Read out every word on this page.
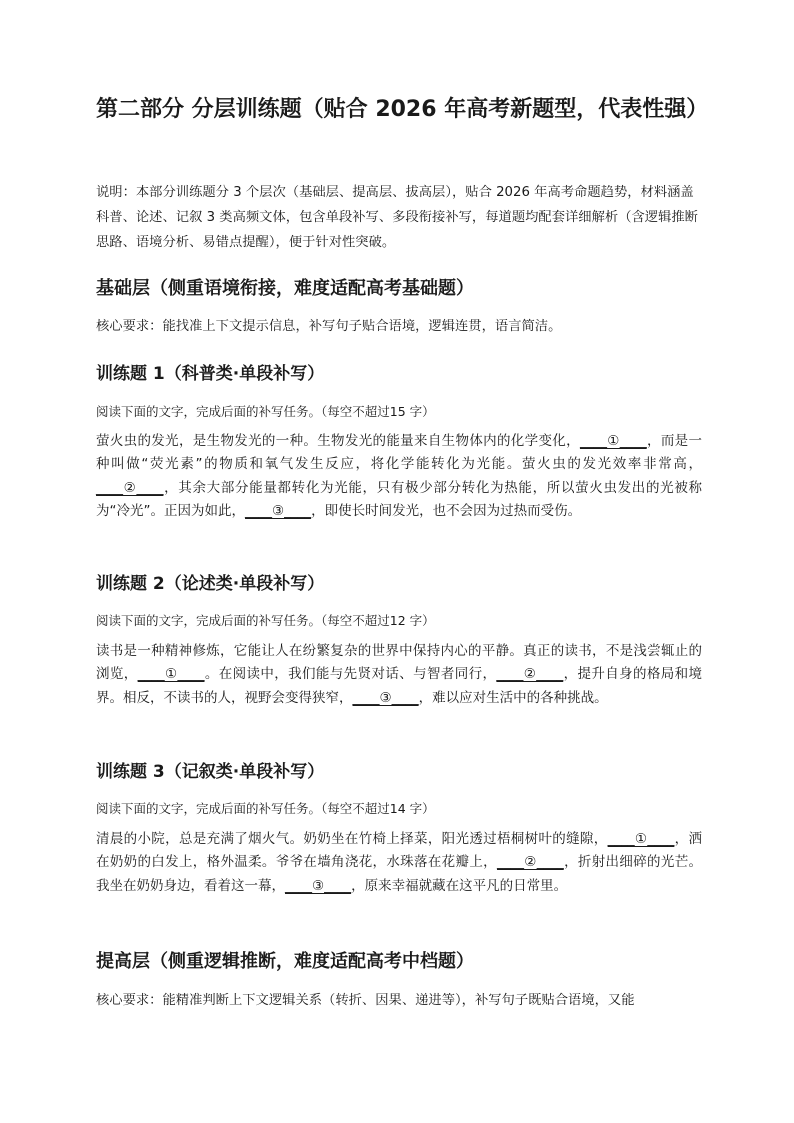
第二部分 分层训练题（贴合 2026 年高考新题型，代表性强）

说明：本部分训练题分 3 个层次（基础层、提高层、拔高层），贴合 2026 年高考命题趋势，材料涵盖科普、论述、记叙 3 类高频文体，包含单段补写、多段衔接补写，每道题均配套详细解析（含逻辑推断思路、语境分析、易错点提醒），便于针对性突破。

基础层（侧重语境衔接，难度适配高考基础题）

核心要求：能找准上下文提示信息，补写句子贴合语境，逻辑连贯，语言简洁。

训练题 1（科普类·单段补写）

阅读下面的文字，完成后面的补写任务。（每空不超过15 字）

萤火虫的发光，是生物发光的一种。生物发光的能量来自生物体内的化学变化，____①____，而是一种叫做“荧光素”的物质和氧气发生反应，将化学能转化为光能。萤火虫的发光效率非常高，____②____，其余大部分能量都转化为光能，只有极少部分转化为热能，所以萤火虫发出的光被称为“冷光”。正因为如此，____③____，即使长时间发光，也不会因为过热而受伤。

训练题 2（论述类·单段补写）

阅读下面的文字，完成后面的补写任务。（每空不超过12 字）

读书是一种精神修炼，它能让人在纷繁复杂的世界中保持内心的平静。真正的读书，不是浅尝辄止的浏览，____①____。在阅读中，我们能与先贤对话、与智者同行，____②____，提升自身的格局和境界。相反，不读书的人，视野会变得狭窄，____③____，难以应对生活中的各种挑战。

训练题 3（记叙类·单段补写）

阅读下面的文字，完成后面的补写任务。（每空不超过14 字）

清晨的小院，总是充满了烟火气。奶奶坐在竹椅上择菜，阳光透过梧桐树叶的缝隙，____①____，洒在奶奶的白发上，格外温柔。爷爷在墙角浇花，水珠落在花瓣上，____②____，折射出细碎的光芒。我坐在奶奶身边，看着这一幕，____③____，原来幸福就藏在这平凡的日常里。

提高层（侧重逻辑推断，难度适配高考中档题）

核心要求：能精准判断上下文逻辑关系（转折、因果、递进等），补写句子既贴合语境，又能
